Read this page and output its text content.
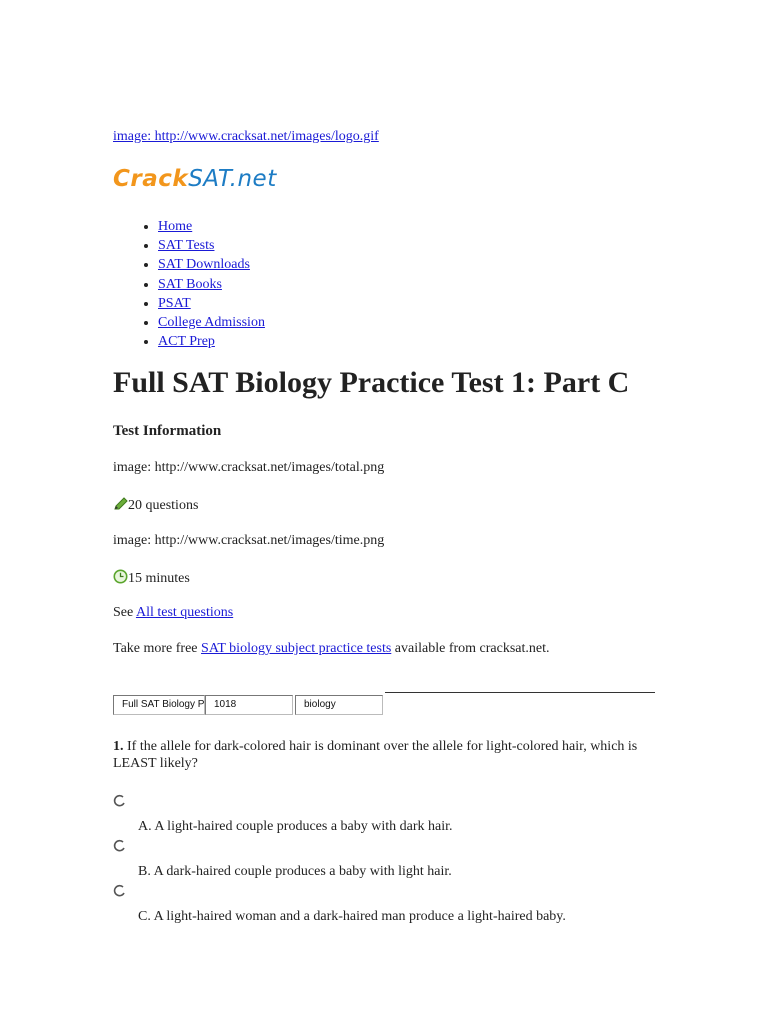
image: http://www.cracksat.net/images/logo.gif
CrackSAT.net
• Home
• SAT Tests
• SAT Downloads
• SAT Books
• PSAT
• College Admission
• ACT Prep
Full SAT Biology Practice Test 1: Part C
Test Information
image: http://www.cracksat.net/images/total.png
20 questions
image: http://www.cracksat.net/images/time.png
15 minutes
See All test questions
Take more free SAT biology subject practice tests available from cracksat.net.
Full SAT Biology P 1018	biology
1. If the allele for dark-colored hair is dominant over the allele for light-colored hair, which is LEAST likely?
A. A light-haired couple produces a baby with dark hair.
B. A dark-haired couple produces a baby with light hair.
C. A light-haired woman and a dark-haired man produce a light-haired baby.
